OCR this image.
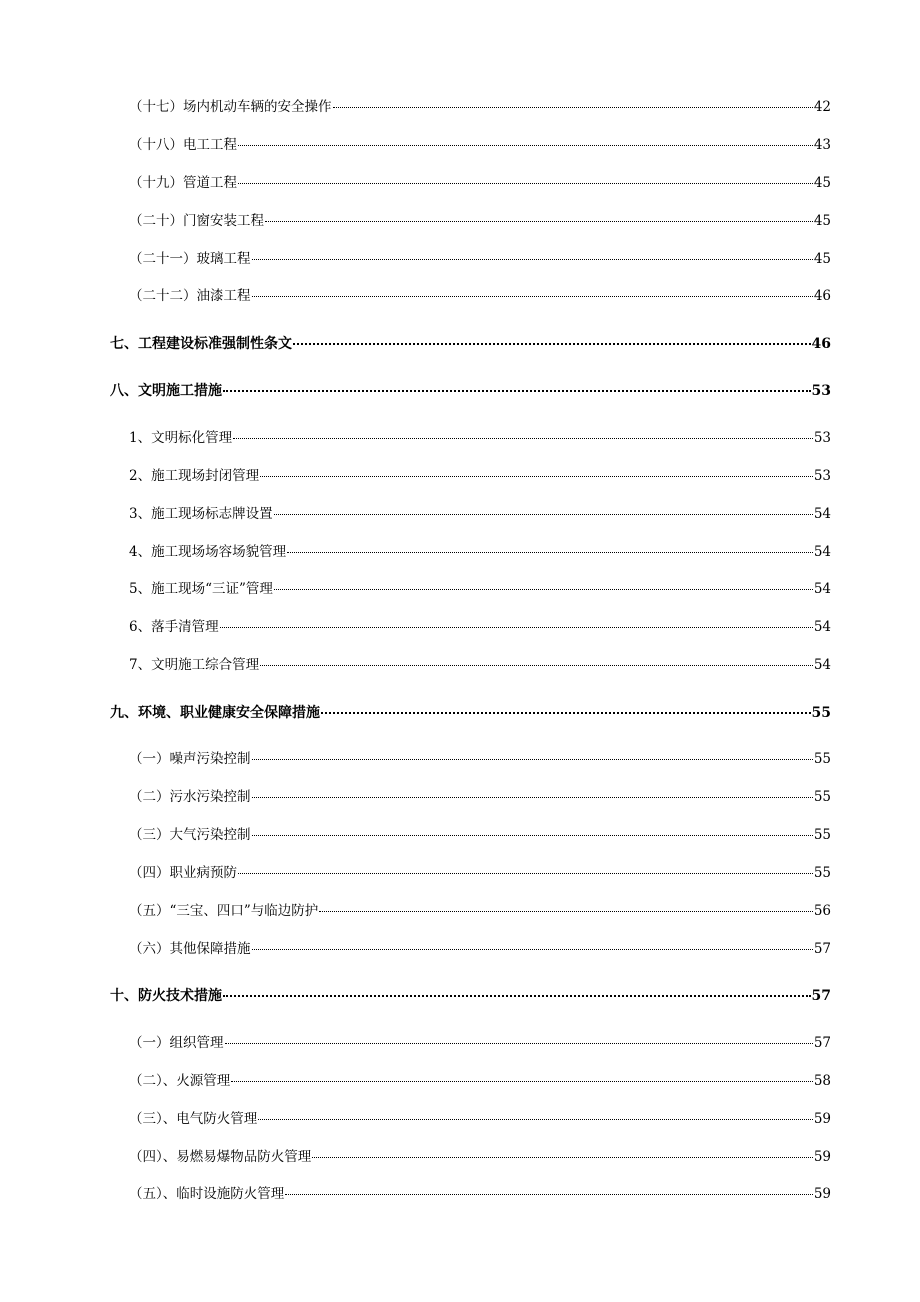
（十七）场内机动车辆的安全操作	42
（十八）电工工程	43
（十九）管道工程	45
（二十）门窗安装工程	45
（二十一）玻璃工程	45
（二十二）油漆工程	46
七、工程建设标准强制性条文	46
八、文明施工措施	53
1、文明标化管理	53
2、施工现场封闭管理	53
3、施工现场标志牌设置	54
4、施工现场场容场貌管理	54
5、施工现场“三证”管理	54
6、落手清管理	54
7、文明施工综合管理	54
九、环境、职业健康安全保障措施	55
（一）噪声污染控制	55
（二）污水污染控制	55
（三）大气污染控制	55
（四）职业病预防	55
（五）“三宝、四口”与临边防护	56
（六）其他保障措施	57
十、防火技术措施	57
（一）组织管理	57
（二）、火源管理	58
（三）、电气防火管理	59
（四）、易燃易爆物品防火管理	59
（五）、临时设施防火管理	59
